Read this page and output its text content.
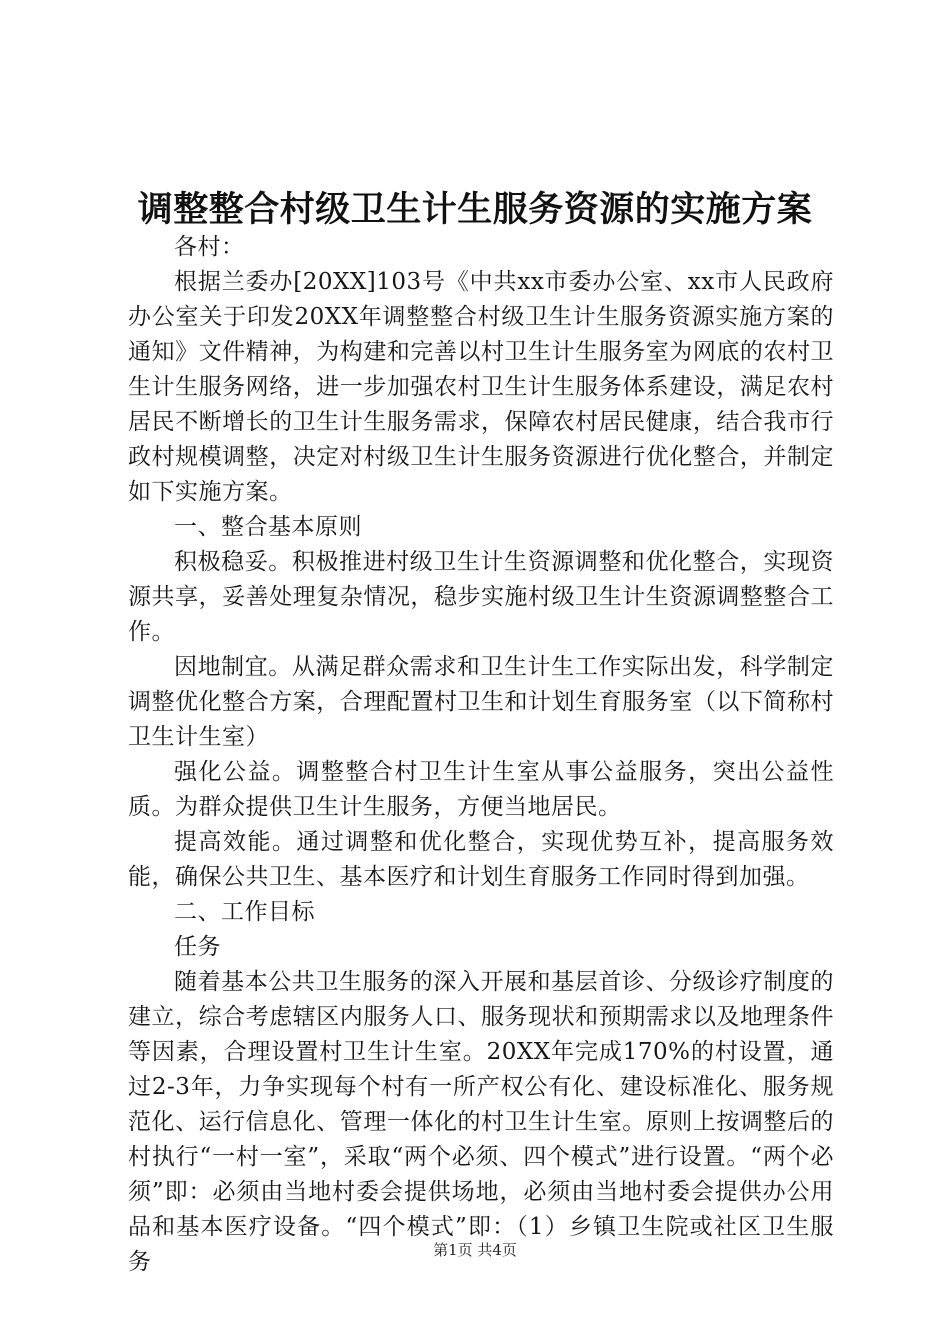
调整整合村级卫生计生服务资源的实施方案

各村：

根据兰委办[20XX]103号《中共xx市委办公室、xx市人民政府办公室关于印发20XX年调整整合村级卫生计生服务资源实施方案的通知》文件精神，为构建和完善以村卫生计生服务室为网底的农村卫生计生服务网络，进一步加强农村卫生计生服务体系建设，满足农村居民不断增长的卫生计生服务需求，保障农村居民健康，结合我市行政村规模调整，决定对村级卫生计生服务资源进行优化整合，并制定如下实施方案。

一、整合基本原则

积极稳妥。积极推进村级卫生计生资源调整和优化整合，实现资源共享，妥善处理复杂情况，稳步实施村级卫生计生资源调整整合工作。

因地制宜。从满足群众需求和卫生计生工作实际出发，科学制定调整优化整合方案，合理配置村卫生和计划生育服务室（以下简称村卫生计生室）

强化公益。调整整合村卫生计生室从事公益服务，突出公益性质。为群众提供卫生计生服务，方便当地居民。

提高效能。通过调整和优化整合，实现优势互补，提高服务效能，确保公共卫生、基本医疗和计划生育服务工作同时得到加强。

二、工作目标

任务

随着基本公共卫生服务的深入开展和基层首诊、分级诊疗制度的建立，综合考虑辖区内服务人口、服务现状和预期需求以及地理条件等因素，合理设置村卫生计生室。20XX年完成170%的村设置，通过2-3年，力争实现每个村有一所产权公有化、建设标准化、服务规范化、运行信息化、管理一体化的村卫生计生室。原则上按调整后的村执行“一村一室”，采取“两个必须、四个模式”进行设置。“两个必须”即：必须由当地村委会提供场地，必须由当地村委会提供办公用品和基本医疗设备。“四个模式”即：（1）乡镇卫生院或社区卫生服务	第1页 共4页
